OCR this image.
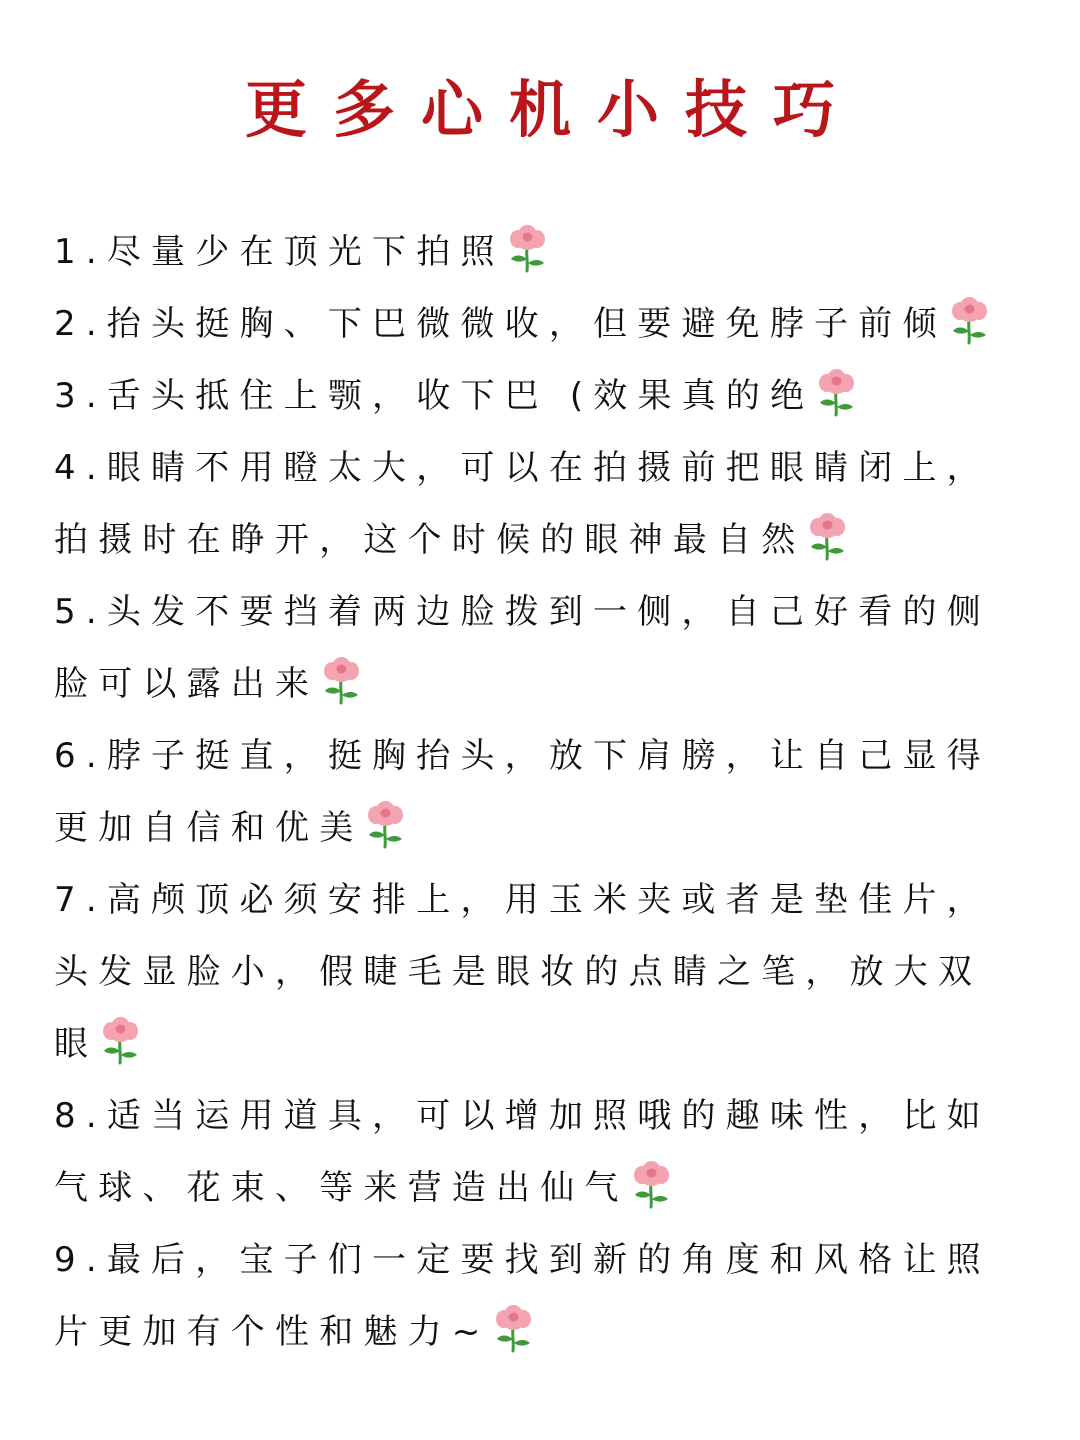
更多心机小技巧
1.尽量少在顶光下拍照
2.抬头挺胸、下巴微微收，但要避免脖子前倾
3.舌头抵住上颚，收下巴 (效果真的绝
4.眼睛不用瞪太大，可以在拍摄前把眼睛闭上，拍摄时在睁开，这个时候的眼神最自然
5.头发不要挡着两边脸拨到一侧，自己好看的侧脸可以露出来
6.脖子挺直，挺胸抬头，放下肩膀，让自己显得更加自信和优美
7.高颅顶必须安排上，用玉米夹或者是垫佳片，头发显脸小，假睫毛是眼妆的点睛之笔，放大双眼
8.适当运用道具，可以增加照哦的趣味性，比如气球、花束、等来营造出仙气
9.最后，宝子们一定要找到新的角度和风格让照片更加有个性和魅力~
